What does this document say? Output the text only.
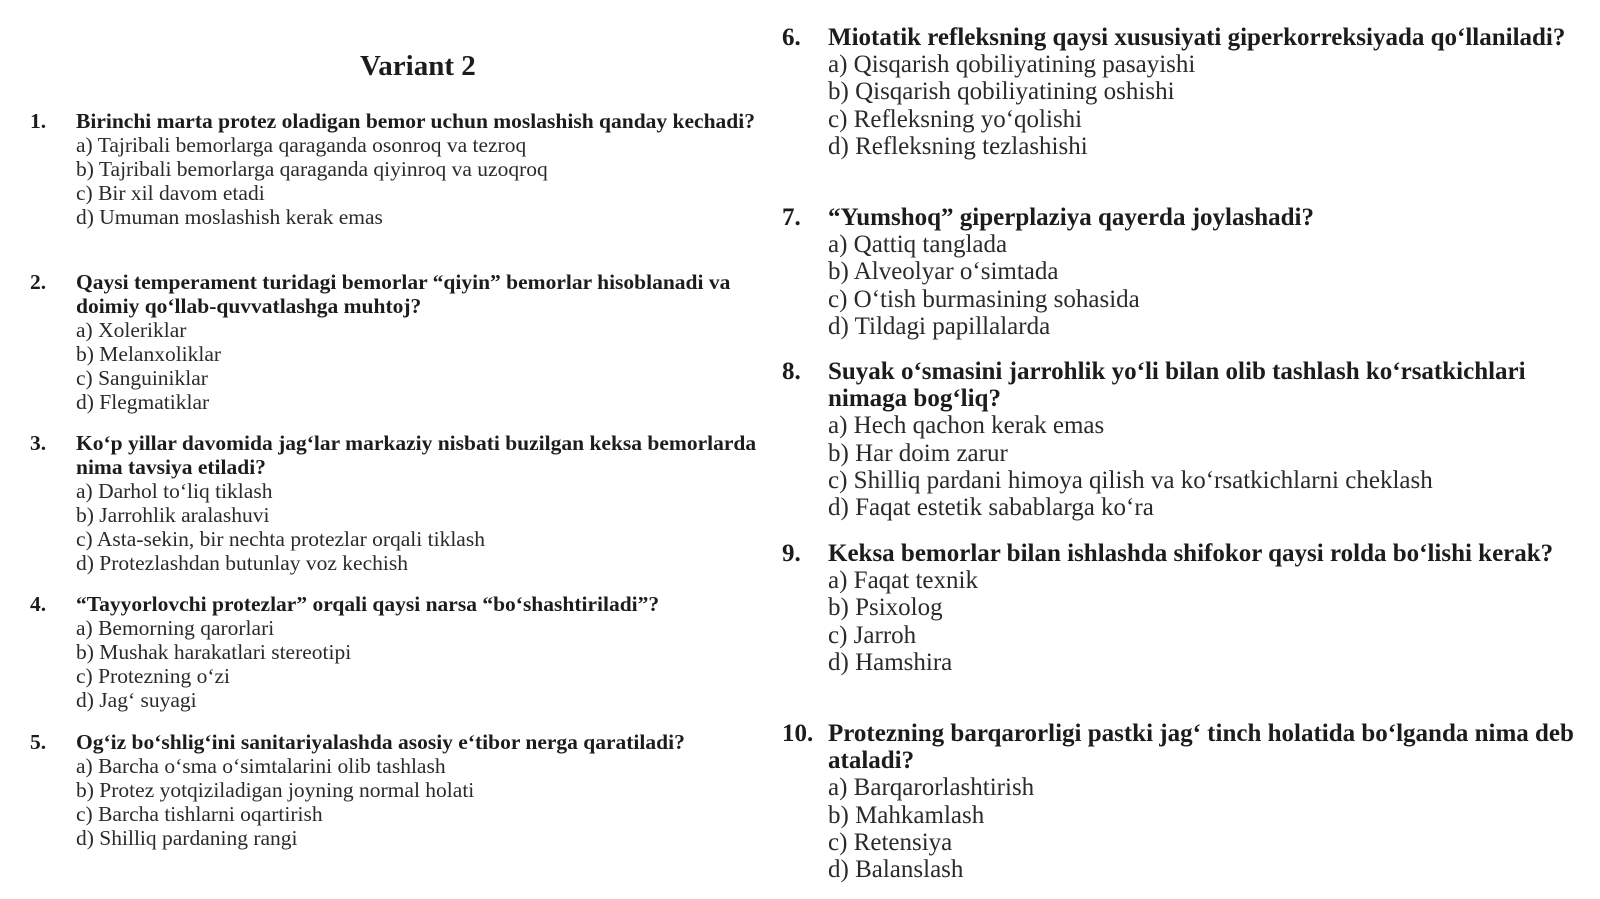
Variant 2
1.	Birinchi marta protez oladigan bemor uchun moslashish qanday kechadi?
a) Tajribali bemorlarga qaraganda osonroq va tezroq
b) Tajribali bemorlarga qaraganda qiyinroq va uzoqroq
c) Bir xil davom etadi
d) Umuman moslashish kerak emas
2.	Qaysi temperament turidagi bemorlar “qiyin” bemorlar hisoblanadi va doimiy qo‘llab-quvvatlashga muhtoj?
a) Xoleriklar
b) Melanxoliklar
c) Sanguiniklar
d) Flegmatiklar
3.	Ko‘p yillar davomida jag‘lar markaziy nisbati buzilgan keksa bemorlarda nima tavsiya etiladi?
a) Darhol to‘liq tiklash
b) Jarrohlik aralashuvi
c) Asta-sekin, bir nechta protezlar orqali tiklash
d) Protezlashdan butunlay voz kechish
4.	“Tayyorlovchi protezlar” orqali qaysi narsa “bo‘shashtiriladi”?
a) Bemorning qarorlari
b) Mushak harakatlari stereotipi
c) Protezning o‘zi
d) Jag‘ suyagi
5.	Og‘iz bo‘shlig‘ini sanitariyalashda asosiy e‘tibor nerga qaratiladi?
a) Barcha o‘sma o‘simtalarini olib tashlash
b) Protez yotqiziladigan joyning normal holati
c) Barcha tishlarni oqartirish
d) Shilliq pardaning rangi
6.	Miotatik refleksning qaysi xususiyati giperkorreksiyada qo‘llaniladi?
a) Qisqarish qobiliyatining pasayishi
b) Qisqarish qobiliyatining oshishi
c) Refleksning yo‘qolishi
d) Refleksning tezlashishi
7.	“Yumshoq” giperplaziya qayerda joylashadi?
a) Qattiq tanglada
b) Alveolyar o‘simtada
c) O‘tish burmasining sohasida
d) Tildagi papillalarda
8.	Suyak o‘smasini jarrohlik yo‘li bilan olib tashlash ko‘rsatkichlari nimaga bog‘liq?
a) Hech qachon kerak emas
b) Har doim zarur
c) Shilliq pardani himoya qilish va ko‘rsatkichlarni cheklash
d) Faqat estetik sabablarga ko‘ra
9.	Keksa bemorlar bilan ishlashda shifokor qaysi rolda bo‘lishi kerak?
a) Faqat texnik
b) Psixolog
c) Jarroh
d) Hamshira
10. Protezning barqarorligi pastki jag‘ tinch holatida bo‘lganda nima deb ataladi?
a) Barqarorlashtirish
b) Mahkamlash
c) Retensiya
d) Balanslash
